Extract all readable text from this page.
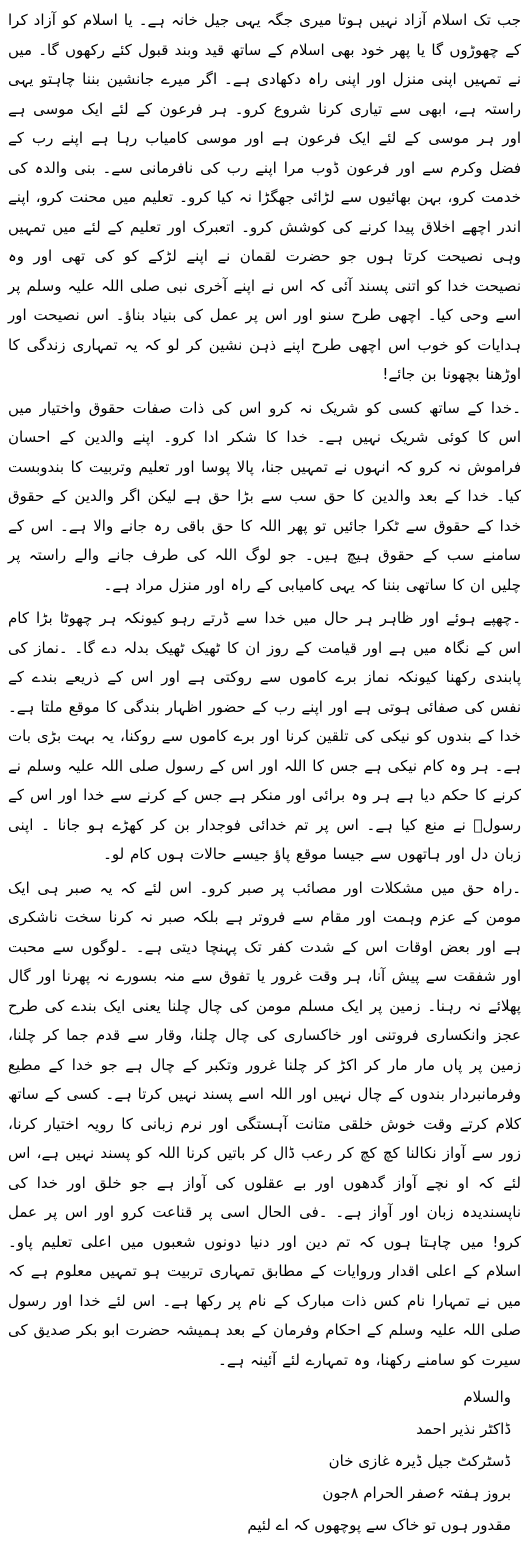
جب تک اسلام آزاد نہیں ہوتا میری جگہ یہی جیل خانہ ہے۔ یا اسلام کو آزاد کرا کے چھوڑوں گا یا پھر خود بھی اسلام کے ساتھ قید وبند قبول کئے رکھوں گا۔ میں نے تمہیں اپنی منزل اور اپنی راہ دکھادی ہے۔ اگر میرے جانشین بننا چاہتو یہی راستہ ہے، ابھی سے تیاری کرنا شروع کرو۔ ہر فرعون کے لئے ایک موسی ہے اور ہر موسی کے لئے ایک فرعون ہے اور موسی کامیاب رہا ہے اپنے رب کے فضل وکرم سے اور فرعون ڈوب مرا اپنے رب کی نافرمانی سے۔ بنی والدہ کی خدمت کرو، بہن بھائیوں سے لڑائی جھگڑا نہ کیا کرو۔ تعلیم میں محنت کرو، اپنے اندر اچھے اخلاق پیدا کرنے کی کوشش کرو۔ اتعبرک اور تعلیم کے لئے میں تمہیں وہی نصیحت کرتا ہوں جو حضرت لقمان نے اپنے لڑکے کو کی تھی اور وہ نصیحت خدا کو اتنی پسند آئی کہ اس نے اپنے آخری نبی صلی اللہ علیہ وسلم پر اسے وحی کیا۔ اچھی طرح سنو اور اس پر عمل کی بنیاد بناؤ۔ اس نصیحت اور ہدایات کو خوب اس اچھی طرح اپنے ذہن نشین کر لو کہ یہ تمہاری زندگی کا اوڑھنا بچھونا بن جائے!

۔خدا کے ساتھ کسی کو شریک نہ کرو اس کی ذات صفات حقوق واختیار میں اس کا کوئی شریک نہیں ہے۔ خدا کا شکر ادا کرو۔ اپنے والدین کے احسان فراموش نہ کرو کہ انہوں نے تمہیں جنا، پالا پوسا اور تعلیم وتربیت کا بندوبست کیا۔ خدا کے بعد والدین کا حق سب سے بڑا حق ہے لیکن اگر والدین کے حقوق خدا کے حقوق سے ٹکرا جائیں تو پھر اللہ کا حق باقی رہ جانے والا ہے۔ اس کے سامنے سب کے حقوق ہیچ ہیں۔ جو لوگ اللہ کی طرف جانے والے راستہ پر چلیں ان کا ساتھی بننا کہ یہی کامیابی کے راہ اور منزل مراد ہے۔

۔چھپے ہوئے اور ظاہر ہر حال میں خدا سے ڈرتے رہو کیونکہ ہر چھوٹا بڑا کام اس کے نگاہ میں ہے اور قیامت کے روز ان کا ٹھیک ٹھیک بدلہ دے گا۔ ۔نماز کی پابندی رکھنا کیونکہ نماز برے کاموں سے روکتی ہے اور اس کے ذریعے بندے کے نفس کی صفائی ہوتی ہے اور اپنے رب کے حضور اظہار بندگی کا موقع ملتا ہے۔ خدا کے بندوں کو نیکی کی تلقین کرنا اور برے کاموں سے روکنا، یہ بہت بڑی بات ہے۔ ہر وہ کام نیکی ہے جس کا اللہ اور اس کے رسول صلی اللہ علیہ وسلم نے کرنے کا حکم دیا ہے ہر وہ برائی اور منکر ہے جس کے کرنے سے خدا اور اس کے رسولؐ نے منع کیا ہے۔ اس پر تم خدائی فوجدار بن کر کھڑے ہو جانا ۔ اپنی زبان دل اور ہاتھوں سے جیسا موقع پاؤ جیسے حالات ہوں کام لو۔

۔راہ حق میں مشکلات اور مصائب پر صبر کرو۔ اس لئے کہ یہ صبر ہی ایک مومن کے عزم وہمت اور مقام سے فروتر ہے بلکہ صبر نہ کرنا سخت ناشکری ہے اور بعض اوقات اس کے شدت کفر تک پہنچا دیتی ہے۔ ۔لوگوں سے محبت اور شفقت سے پیش آنا، ہر وقت غرور یا تفوق سے منہ بسورے نہ پھرنا اور گال پھلائے نہ رہنا۔ زمین پر ایک مسلم مومن کی چال چلنا یعنی ایک بندے کی طرح عجز وانکساری فروتنی اور خاکساری کی چال چلنا، وقار سے قدم جما کر چلنا، زمین پر پاں مار مار کر اکڑ کر چلنا غرور وتکبر کے چال ہے جو خدا کے مطیع وفرمانبردار بندوں کے چال نہیں اور اللہ اسے پسند نہیں کرتا ہے۔ کسی کے ساتھ کلام کرتے وقت خوش خلقی متانت آہستگی اور نرم زبانی کا رویہ اختیار کرنا، زور سے آواز نکالنا کچ کچ کر رعب ڈال کر باتیں کرنا اللہ کو پسند نہیں ہے، اس لئے کہ او نچے آواز گدھوں اور بے عقلوں کی آواز ہے جو خلق اور خدا کی ناپسندیدہ زبان اور آواز ہے۔ ۔فی الحال اسی پر قناعت کرو اور اس پر عمل کرو! میں چاہتا ہوں کہ تم دین اور دنیا دونوں شعبوں میں اعلی تعلیم پاو۔ اسلام کے اعلی اقدار وروایات کے مطابق تمہاری تربیت ہو تمہیں معلوم ہے کہ میں نے تمہارا نام کس ذات مبارک کے نام پر رکھا ہے۔ اس لئے خدا اور رسول صلی اللہ علیہ وسلم کے احکام وفرمان کے بعد ہمیشہ حضرت ابو بکر صدیق کی سیرت کو سامنے رکھنا، وہ تمہارے لئے آئینہ ہے۔

والسلام
ڈاکٹر نذیر احمد
ڈسٹرکٹ جیل ڈیرہ غازی خان
بروز ہفتہ ۶صفر الحرام ۸جون
مقدور ہوں تو خاک سے پوچھوں کہ اے لئیم
